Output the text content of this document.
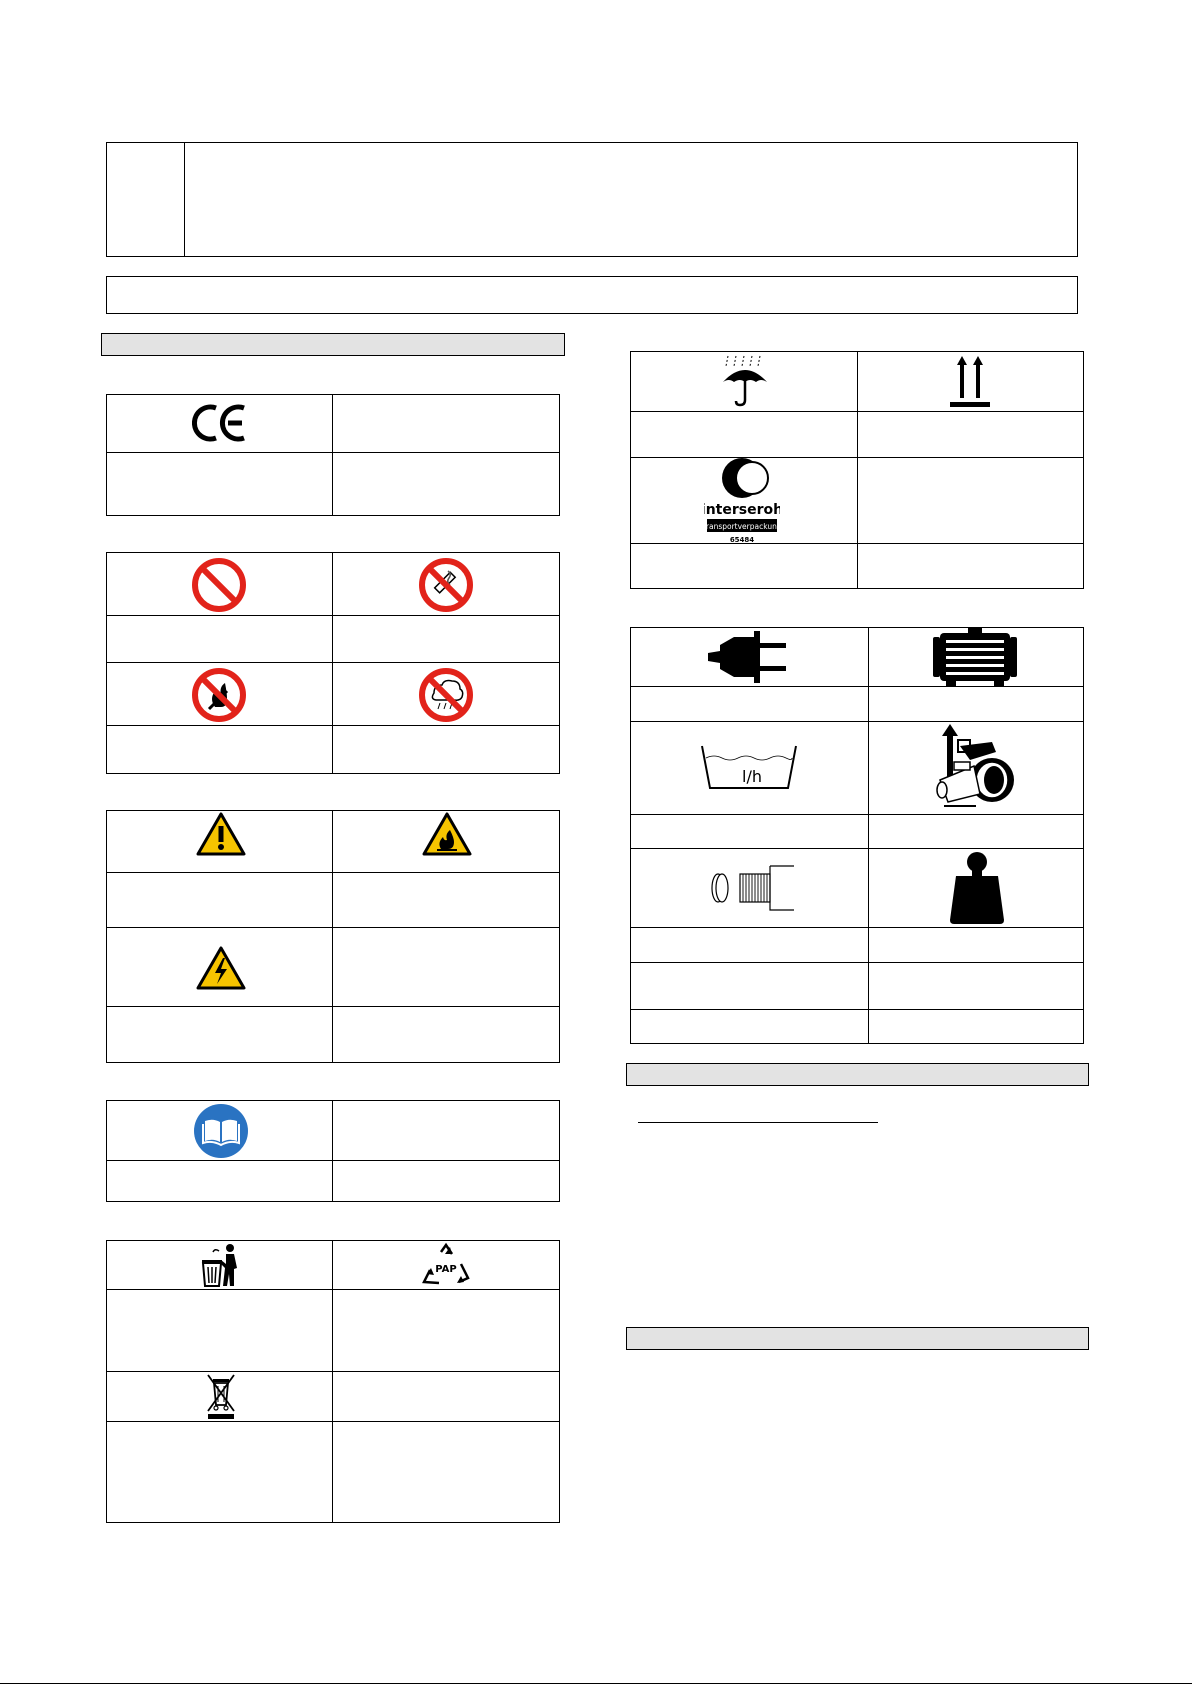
PAP
interseroh
Transportverpackung
65484
l/h
